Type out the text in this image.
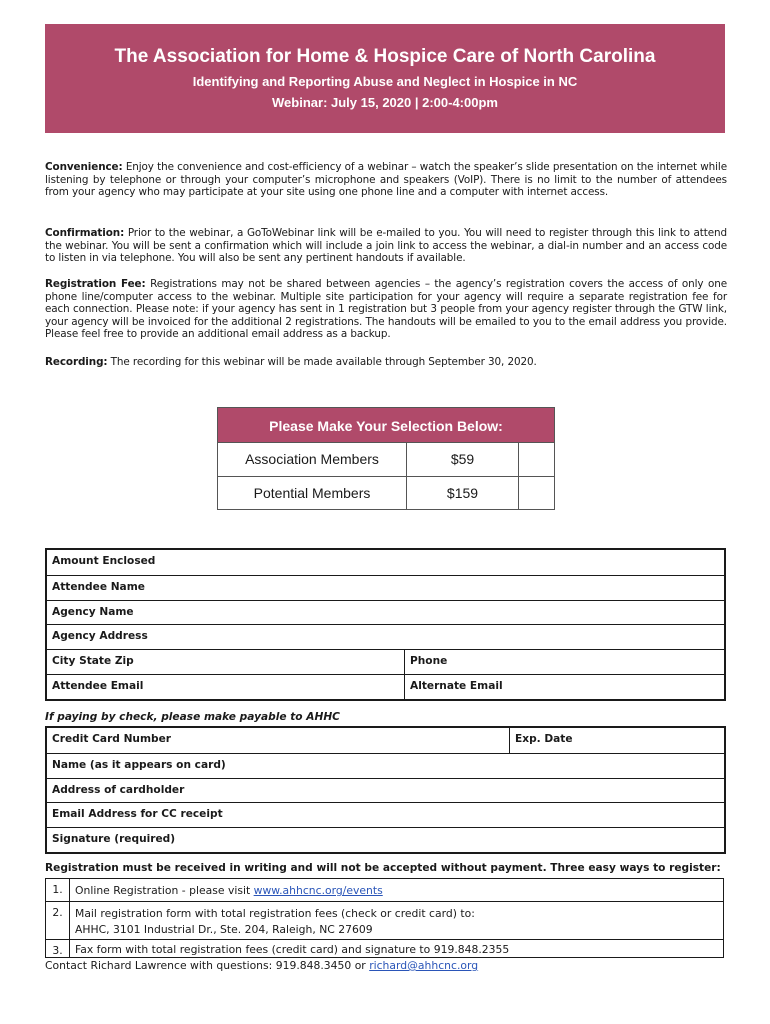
The Association for Home & Hospice Care of North Carolina
Identifying and Reporting Abuse and Neglect in Hospice in NC
Webinar: July 15, 2020 | 2:00-4:00pm
Convenience: Enjoy the convenience and cost-efficiency of a webinar – watch the speaker’s slide presentation on the internet while listening by telephone or through your computer’s microphone and speakers (VoIP). There is no limit to the number of attendees from your agency who may participate at your site using one phone line and a computer with internet access.
Confirmation: Prior to the webinar, a GoToWebinar link will be e-mailed to you. You will need to register through this link to attend the webinar. You will be sent a confirmation which will include a join link to access the webinar, a dial-in number and an access code to listen in via telephone. You will also be sent any pertinent handouts if available.
Registration Fee: Registrations may not be shared between agencies – the agency’s registration covers the access of only one phone line/computer access to the webinar. Multiple site participation for your agency will require a separate registration fee for each connection. Please note: if your agency has sent in 1 registration but 3 people from your agency register through the GTW link, your agency will be invoiced for the additional 2 registrations. The handouts will be emailed to you to the email address you provide. Please feel free to provide an additional email address as a backup.
Recording: The recording for this webinar will be made available through September 30, 2020.
Please Make Your Selection Below:
Association Members	$59
Potential Members	$159
Amount Enclosed
Attendee Name
Agency Name
Agency Address
City State Zip	Phone
Attendee Email	Alternate Email
If paying by check, please make payable to AHHC
Credit Card Number	Exp. Date
Name (as it appears on card)
Address of cardholder
Email Address for CC receipt
Signature (required)
Registration must be received in writing and will not be accepted without payment. Three easy ways to register:
1.	Online Registration - please visit www.ahhcnc.org/events
2.	Mail registration form with total registration fees (check or credit card) to:
AHHC, 3101 Industrial Dr., Ste. 204, Raleigh, NC 27609
3.	Fax form with total registration fees (credit card) and signature to 919.848.2355
Contact Richard Lawrence with questions: 919.848.3450 or richard@ahhcnc.org
